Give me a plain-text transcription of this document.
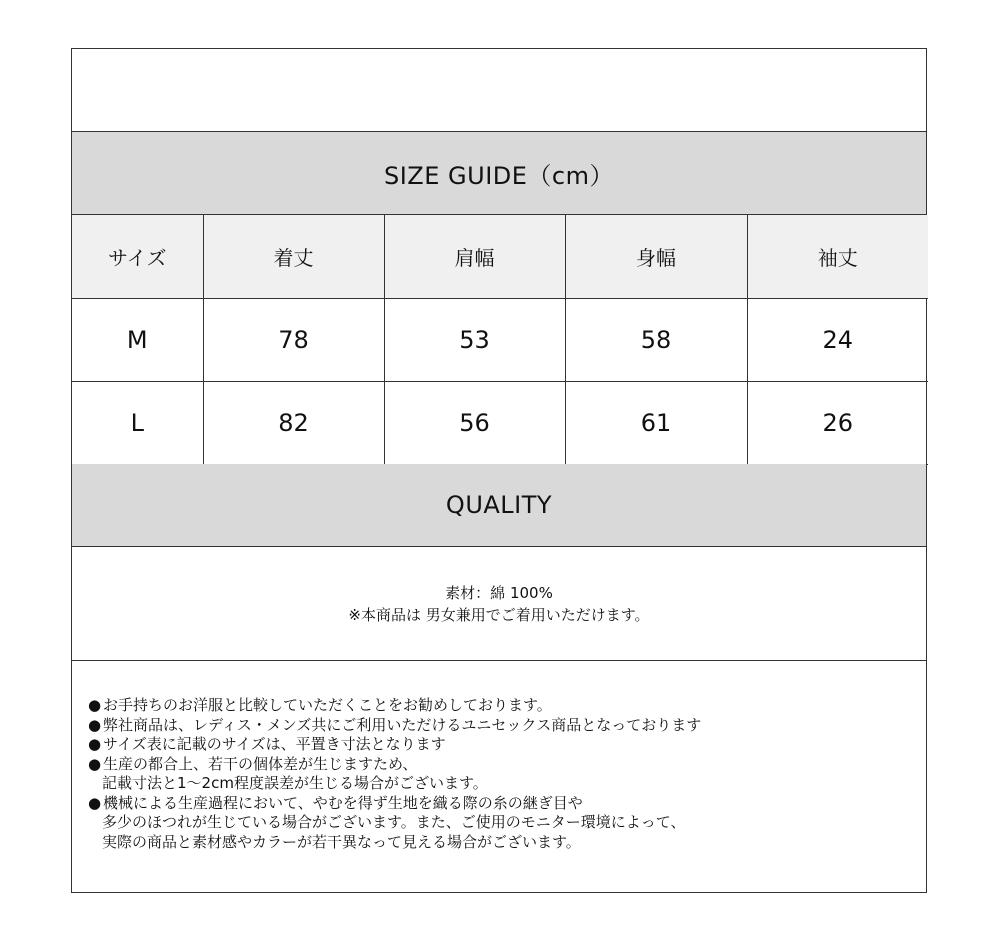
SIZE GUIDE（cm）
サイズ	着丈	肩幅	身幅	袖丈
M	78	53	58	24
L	82	56	61	26
QUALITY
素材：綿 100%
※本商品は 男女兼用でご着用いただけます。
● お手持ちのお洋服と比較していただくことをお勧めしております。
● 弊社商品は、レディス・メンズ共にご利用いただけるユニセックス商品となっております
● サイズ表に記載のサイズは、平置き寸法となります
● 生産の都合上、若干の個体差が生じますため、
記載寸法と1～2cm程度誤差が生じる場合がございます。
● 機械による生産過程において、やむを得ず生地を織る際の糸の継ぎ目や
多少のほつれが生じている場合がございます。また、ご使用のモニター環境によって、
実際の商品と素材感やカラーが若干異なって見える場合がございます。
